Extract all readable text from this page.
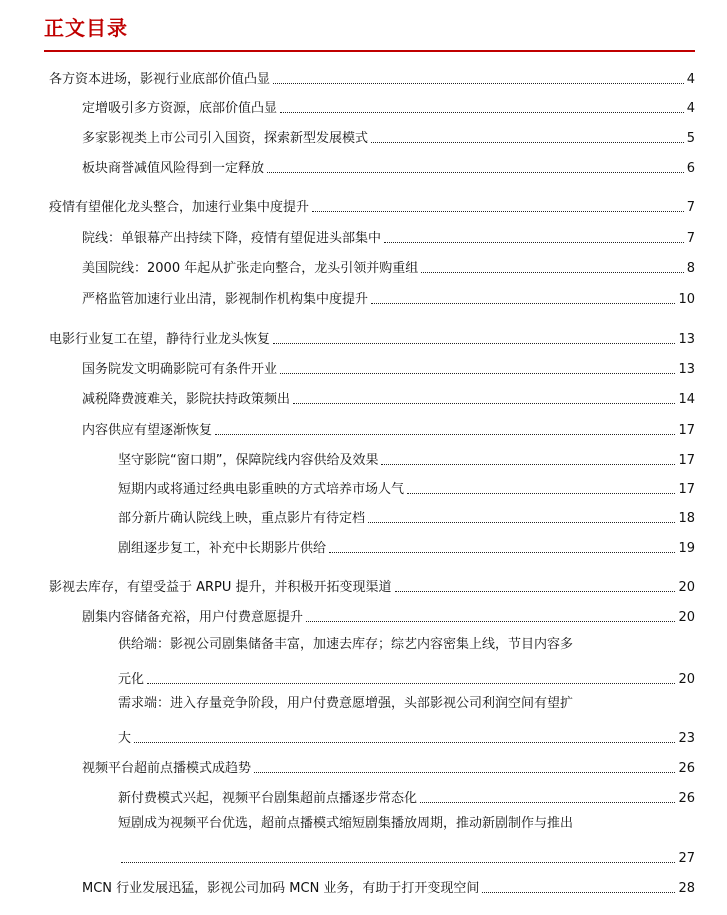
正文目录
各方资本进场，影视行业底部价值凸显	4
定增吸引多方资源，底部价值凸显	4
多家影视类上市公司引入国资，探索新型发展模式	5
板块商誉减值风险得到一定释放	6
疫情有望催化龙头整合，加速行业集中度提升	7
院线：单银幕产出持续下降，疫情有望促进头部集中	7
美国院线：2000 年起从扩张走向整合，龙头引领并购重组	8
严格监管加速行业出清，影视制作机构集中度提升	10
电影行业复工在望，静待行业龙头恢复	13
国务院发文明确影院可有条件开业	13
减税降费渡难关，影院扶持政策频出	14
内容供应有望逐渐恢复	17
坚守影院“窗口期”，保障院线内容供给及效果	17
短期内或将通过经典电影重映的方式培养市场人气	17
部分新片确认院线上映，重点影片有待定档	18
剧组逐步复工，补充中长期影片供给	19
影视去库存，有望受益于 ARPU 提升，并积极开拓变现渠道	20
剧集内容储备充裕，用户付费意愿提升	20
供给端：影视公司剧集储备丰富，加速去库存；综艺内容密集上线，节目内容多
元化	20
需求端：进入存量竞争阶段，用户付费意愿增强，头部影视公司利润空间有望扩
大	23
视频平台超前点播模式成趋势	26
新付费模式兴起，视频平台剧集超前点播逐步常态化	26
短剧成为视频平台优选，超前点播模式缩短剧集播放周期，推动新剧制作与推出
27
MCN 行业发展迅猛，影视公司加码 MCN 业务，有助于打开变现空间	28
